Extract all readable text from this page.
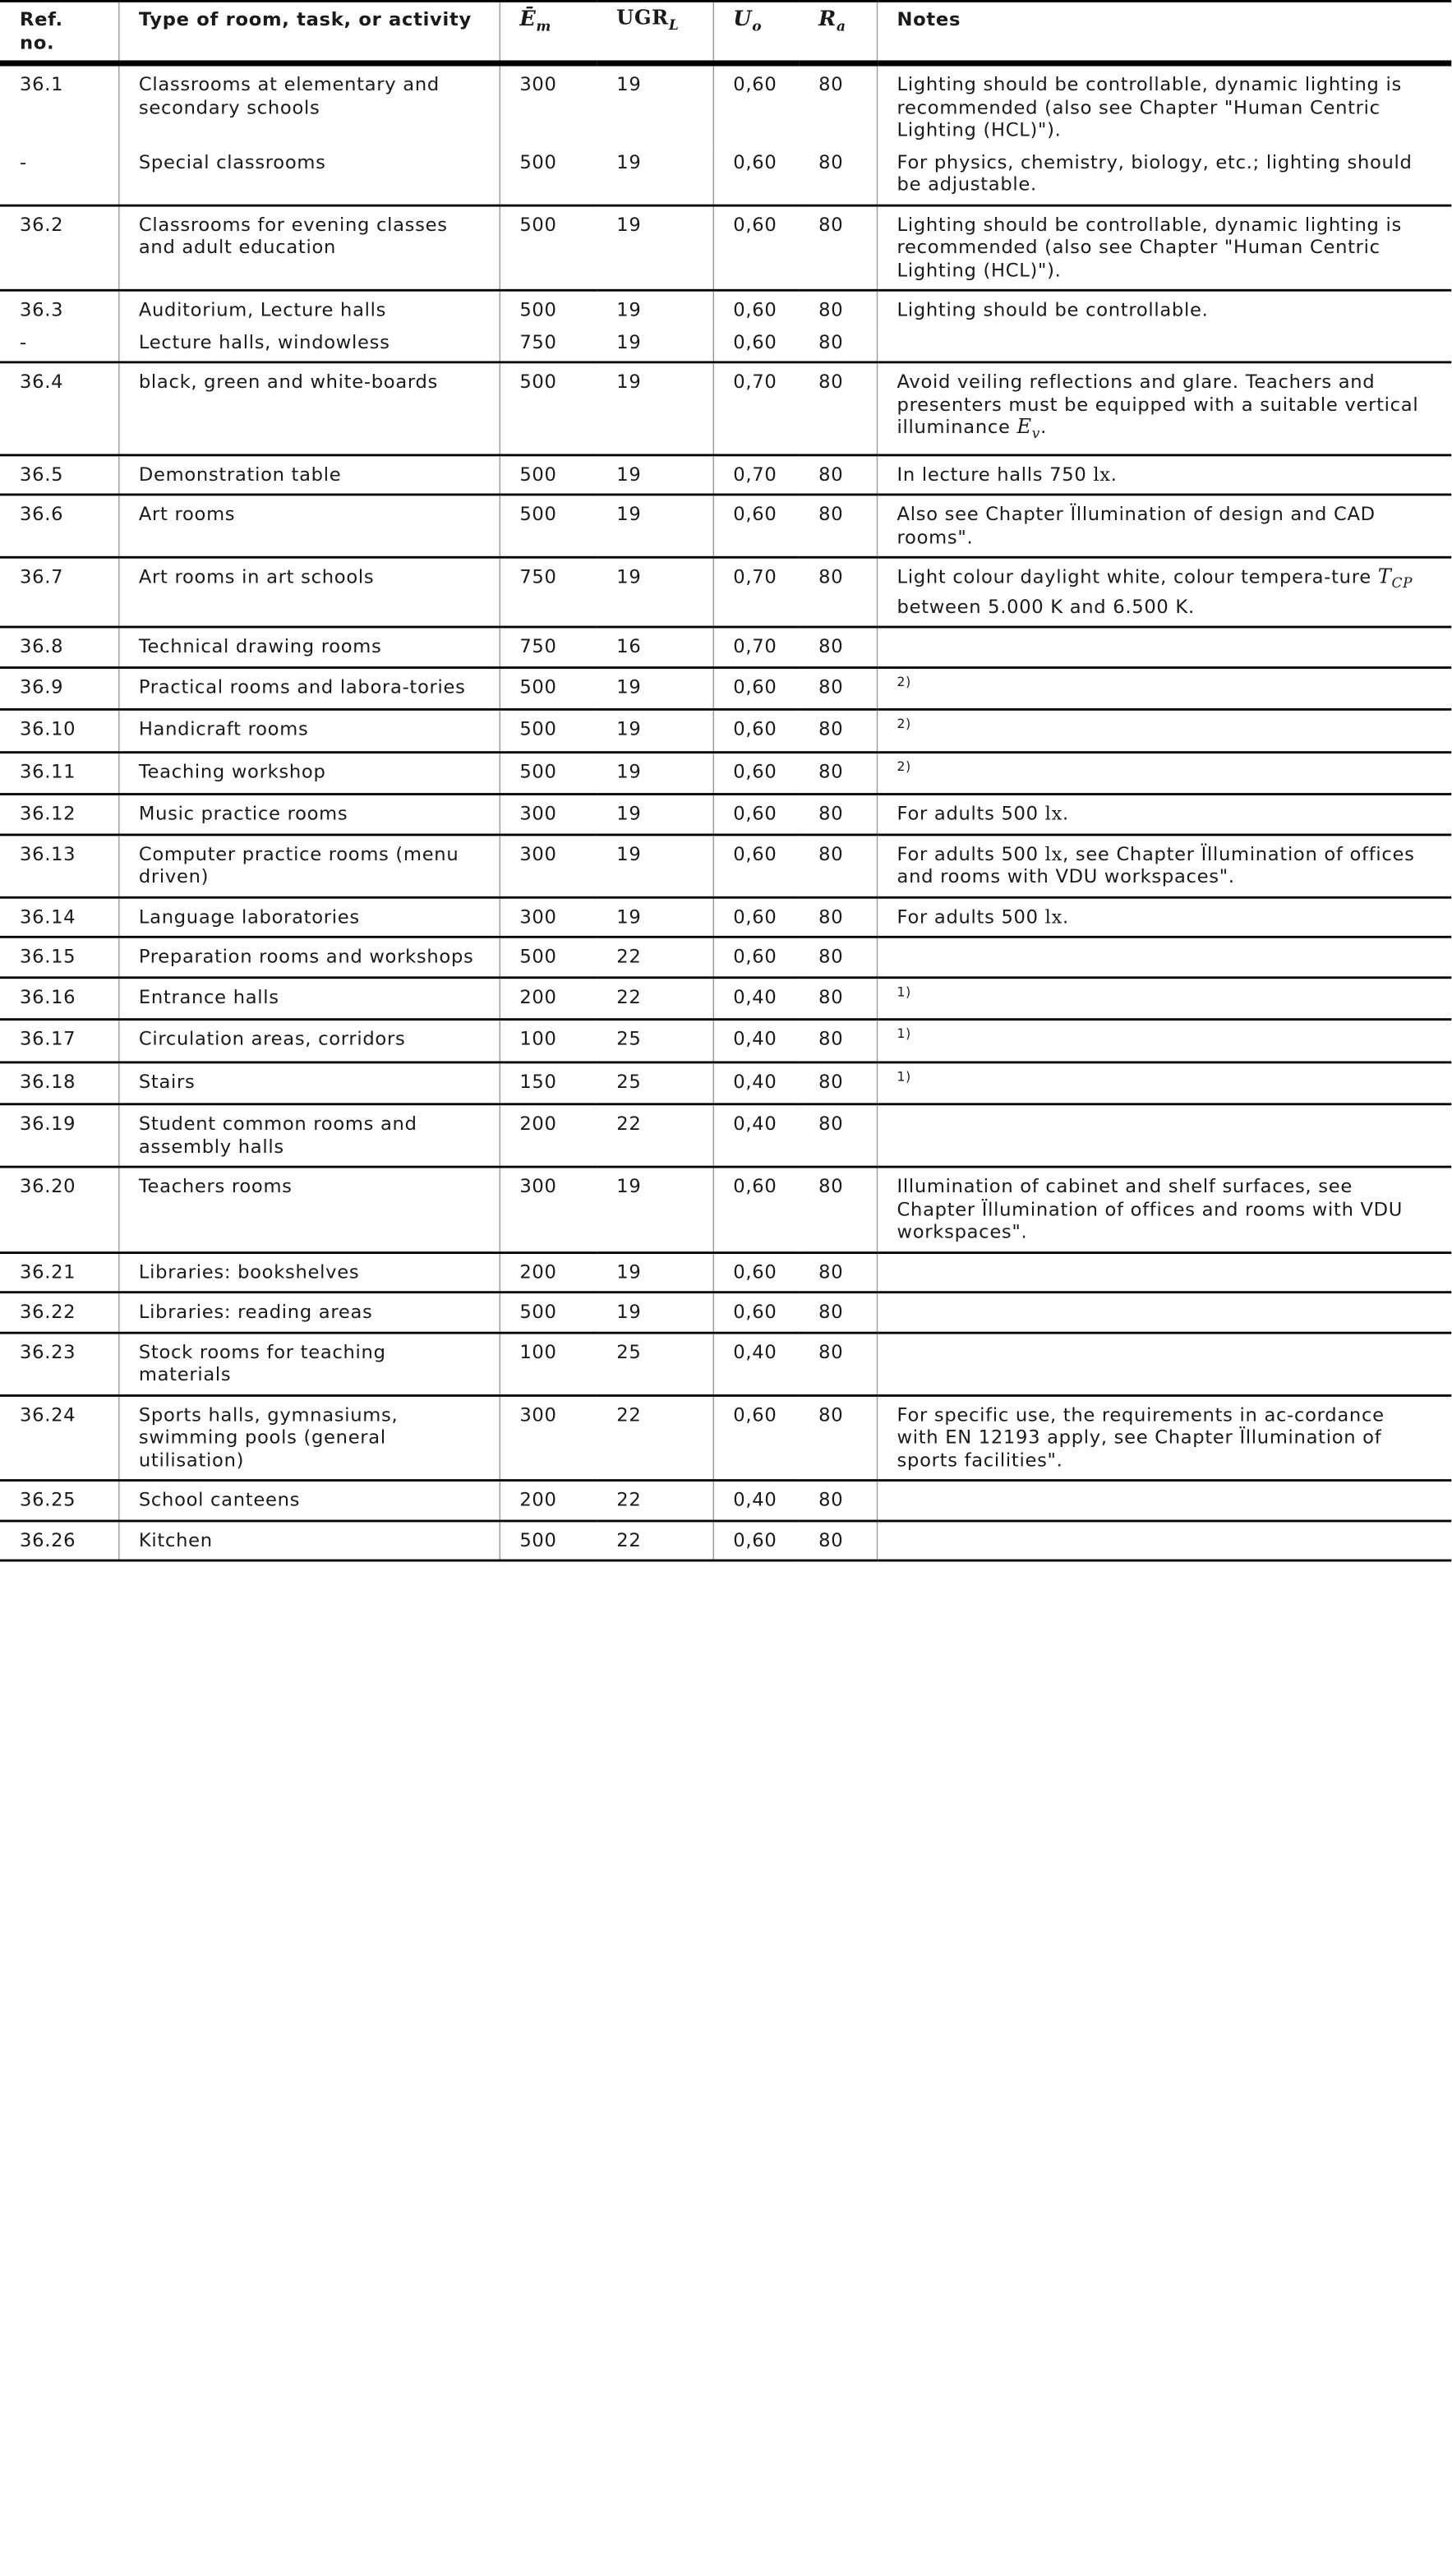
Ref. no.	Type of room, task, or activity	$Ē_m$	$UGR_L$	$U_o$	$R_a$	Notes
36.1	Classrooms at elementary and secondary schools	300	19	0,60	80	Lighting should be controllable, dynamic lighting is recommended (also see Chapter "Human Centric Lighting (HCL)").
-	Special classrooms	500	19	0,60	80	For physics, chemistry, biology, etc.; lighting should be adjustable.
36.2	Classrooms for evening classes and adult education	500	19	0,60	80	Lighting should be controllable, dynamic lighting is recommended (also see Chapter "Human Centric Lighting (HCL)").
36.3	Auditorium, Lecture halls	500	19	0,60	80	Lighting should be controllable.
-	Lecture halls, windowless	750	19	0,60	80	
36.4	black, green and white-boards	500	19	0,70	80	Avoid veiling reflections and glare. Teachers and presenters must be equipped with a suitable vertical illuminance $E_v$.
36.5	Demonstration table	500	19	0,70	80	In lecture halls 750 lx.
36.6	Art rooms	500	19	0,60	80	Also see Chapter Ïllumination of design and CAD rooms".
36.7	Art rooms in art schools	750	19	0,70	80	Light colour daylight white, colour tempera-ture $T_{CP}$ between 5.000 K and 6.500 K.
36.8	Technical drawing rooms	750	16	0,70	80	
36.9	Practical rooms and labora-tories	500	19	0,60	80	$^{2)}$
36.10	Handicraft rooms	500	19	0,60	80	$^{2)}$
36.11	Teaching workshop	500	19	0,60	80	$^{2)}$
36.12	Music practice rooms	300	19	0,60	80	For adults 500 lx.
36.13	Computer practice rooms (menu driven)	300	19	0,60	80	For adults 500 lx, see Chapter Ïllumination of offices and rooms with VDU workspaces".
36.14	Language laboratories	300	19	0,60	80	For adults 500 lx.
36.15	Preparation rooms and workshops	500	22	0,60	80	
36.16	Entrance halls	200	22	0,40	80	$^{1)}$
36.17	Circulation areas, corridors	100	25	0,40	80	$^{1)}$
36.18	Stairs	150	25	0,40	80	$^{1)}$
36.19	Student common rooms and assembly halls	200	22	0,40	80	
36.20	Teachers rooms	300	19	0,60	80	Illumination of cabinet and shelf surfaces, see Chapter Ïllumination of offices and rooms with VDU workspaces".
36.21	Libraries: bookshelves	200	19	0,60	80	
36.22	Libraries: reading areas	500	19	0,60	80	
36.23	Stock rooms for teaching materials	100	25	0,40	80	
36.24	Sports halls, gymnasiums, swimming pools (general utilisation)	300	22	0,60	80	For specific use, the requirements in ac-cordance with EN 12193 apply, see Chapter Ïllumination of sports facilities".
36.25	School canteens	200	22	0,40	80	
36.26	Kitchen	500	22	0,60	80	
